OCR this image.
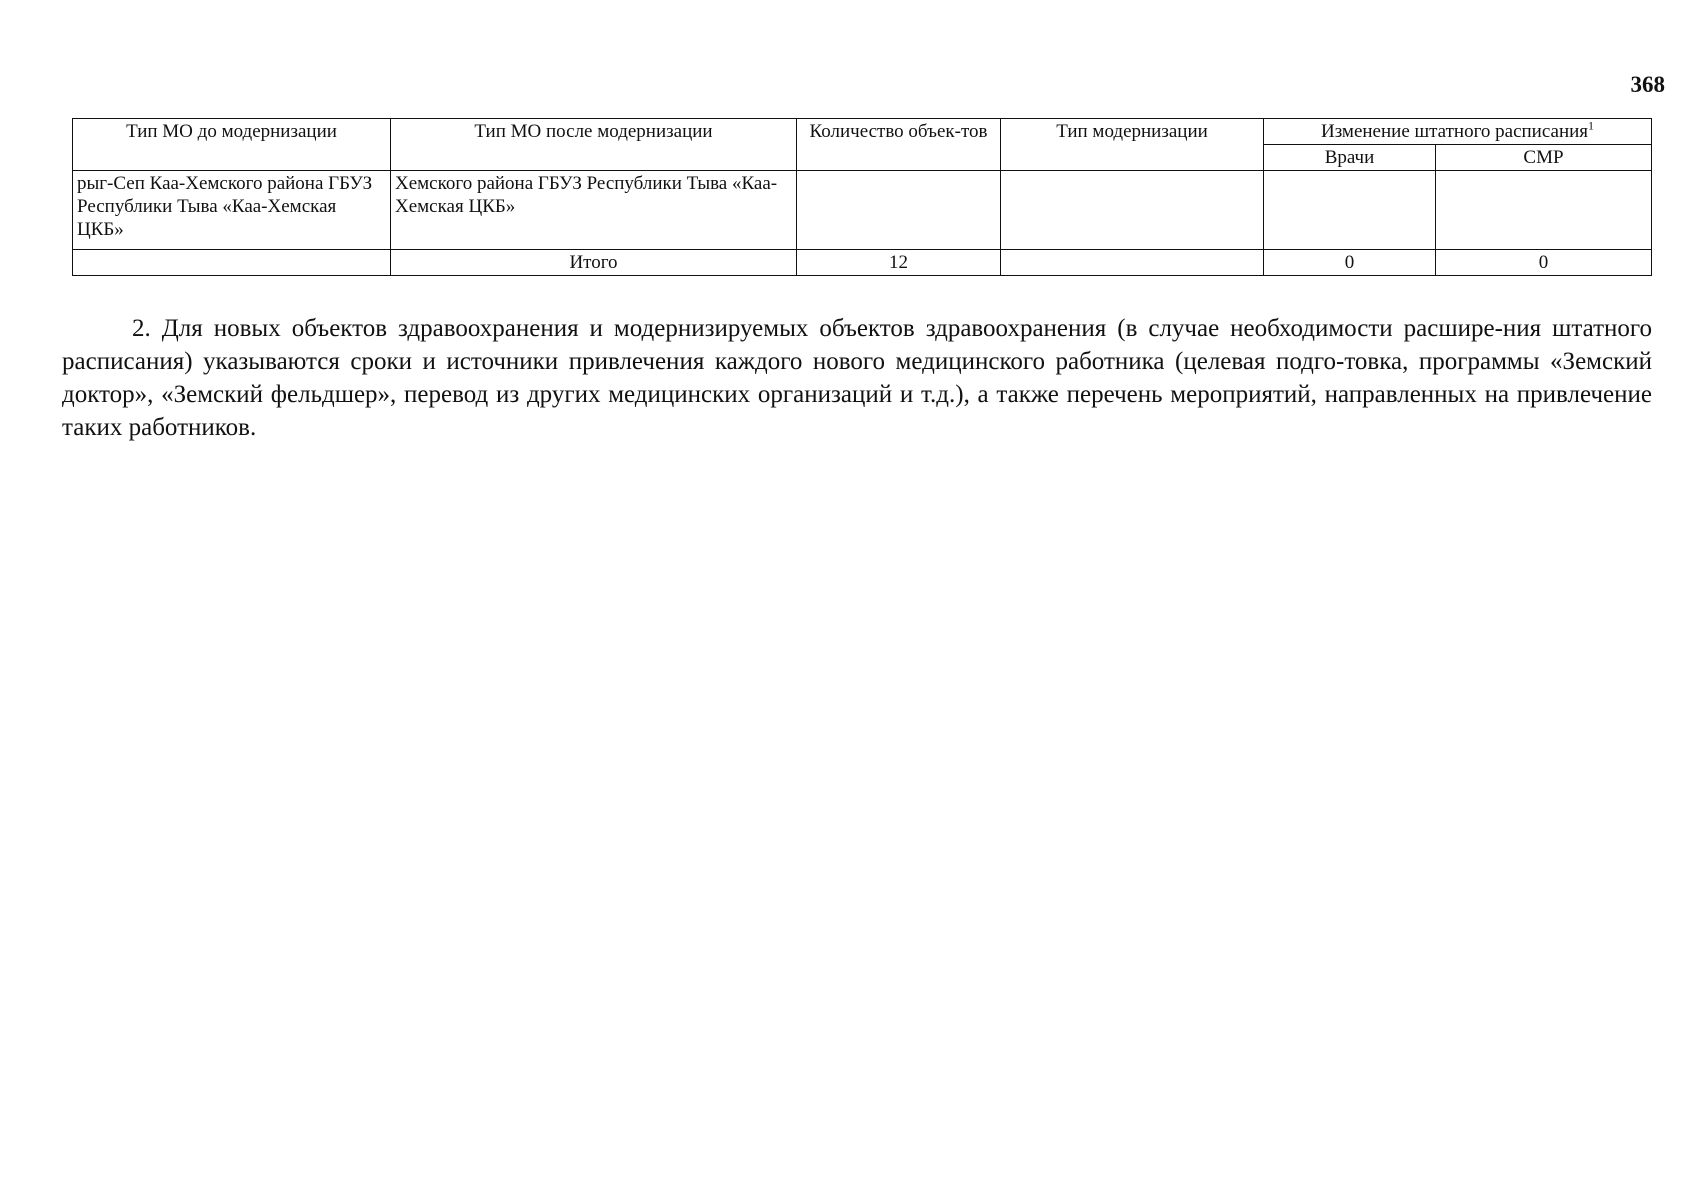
368
Тип МО до модернизации	Тип МО после модернизации	Количество объек-тов	Тип модернизации	Изменение штатного расписания$^1$
				Врачи	СМР
рыг-Сеп Каа-Хемского района ГБУЗ Республики Тыва «Каа-Хемская ЦКБ»	Хемского района ГБУЗ Республики Тыва «Каа-Хемская ЦКБ»				
	Итого	12		0	0

2. Для новых объектов здравоохранения и модернизируемых объектов здравоохранения (в случае необходимости расшире-ния штатного расписания) указываются сроки и источники привлечения каждого нового медицинского работника (целевая подго-товка, программы «Земский доктор», «Земский фельдшер», перевод из других медицинских организаций и т.д.), а также перечень мероприятий, направленных на привлечение таких работников.
